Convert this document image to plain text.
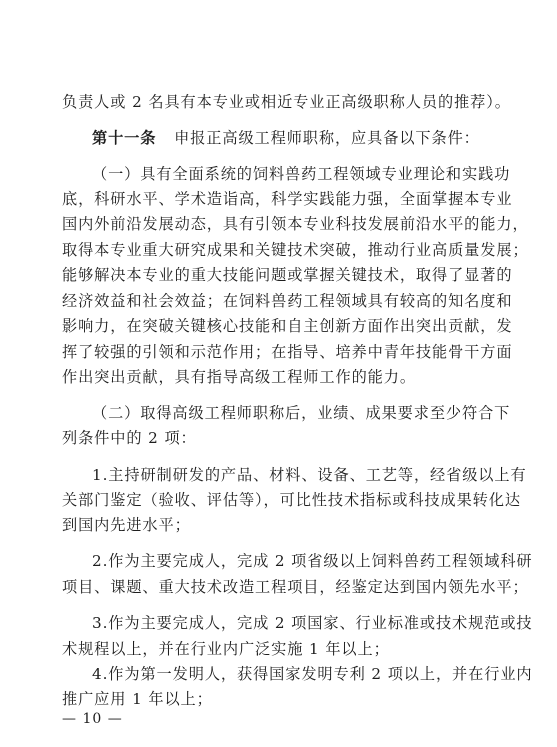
负责人或 2 名具有本专业或相近专业正高级职称人员的推荐）。
第十一条 申报正高级工程师职称，应具备以下条件：
（一）具有全面系统的饲料兽药工程领域专业理论和实践功
底，科研水平、学术造诣高，科学实践能力强，全面掌握本专业
国内外前沿发展动态，具有引领本专业科技发展前沿水平的能力，
取得本专业重大研究成果和关键技术突破，推动行业高质量发展；
能够解决本专业的重大技能问题或掌握关键技术，取得了显著的
经济效益和社会效益；在饲料兽药工程领域具有较高的知名度和
影响力，在突破关键核心技能和自主创新方面作出突出贡献，发
挥了较强的引领和示范作用；在指导、培养中青年技能骨干方面
作出突出贡献，具有指导高级工程师工作的能力。
（二）取得高级工程师职称后，业绩、成果要求至少符合下
列条件中的 2 项：
1.主持研制研发的产品、材料、设备、工艺等，经省级以上有
关部门鉴定（验收、评估等），可比性技术指标或科技成果转化达
到国内先进水平；
2.作为主要完成人，完成 2 项省级以上饲料兽药工程领域科研
项目、课题、重大技术改造工程项目，经鉴定达到国内领先水平；
3.作为主要完成人，完成 2 项国家、行业标准或技术规范或技
术规程以上，并在行业内广泛实施 1 年以上；
4.作为第一发明人，获得国家发明专利 2 项以上，并在行业内
推广应用 1 年以上；
— 10 —
